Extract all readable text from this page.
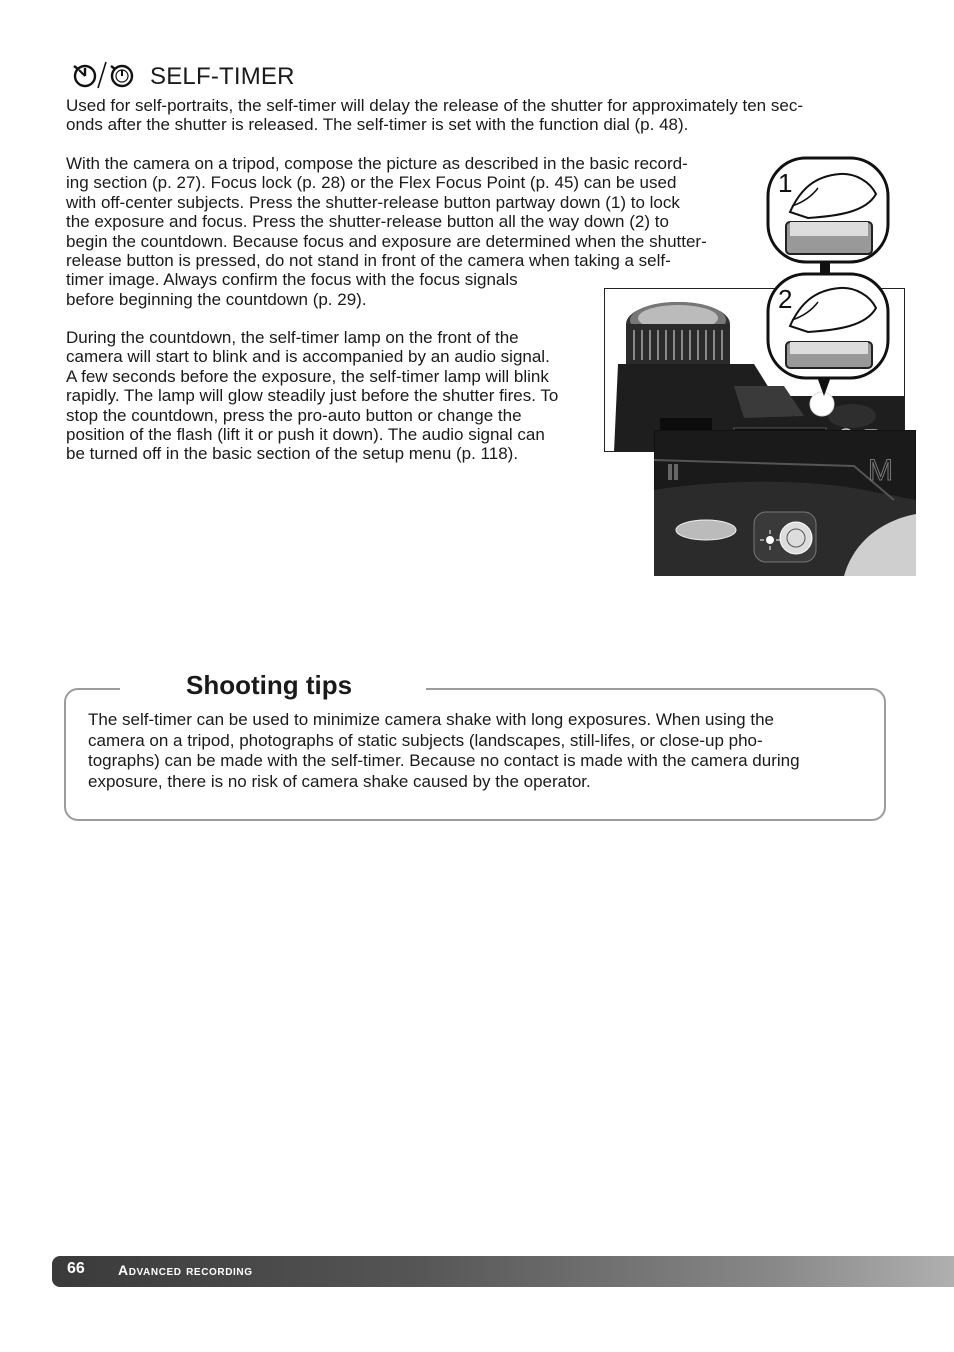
SELF-TIMER
Used for self-portraits, the self-timer will delay the release of the shutter for approximately ten sec-
onds after the shutter is released. The self-timer is set with the function dial (p. 48).
With the camera on a tripod, compose the picture as described in the basic record-
ing section (p. 27). Focus lock (p. 28) or the Flex Focus Point (p. 45) can be used
with off-center subjects. Press the shutter-release button partway down (1) to lock
the exposure and focus. Press the shutter-release button all the way down (2) to
begin the countdown. Because focus and exposure are determined when the shutter-
release button is pressed, do not stand in front of the camera when taking a self-
timer image. Always confirm the focus with the focus signals
before beginning the countdown (p. 29).
During the countdown, the self-timer lamp on the front of the
camera will start to blink and is accompanied by an audio signal.
A few seconds before the exposure, the self-timer lamp will blink
rapidly. The lamp will glow steadily just before the shutter fires. To
stop the countdown, press the pro-auto button or change the
position of the flash (lift it or push it down). The audio signal can
be turned off in the basic section of the setup menu (p. 118).
1
2
M
Shooting tips
The self-timer can be used to minimize camera shake with long exposures. When using the
camera on a tripod, photographs of static subjects (landscapes, still-lifes, or close-up pho-
tographs) can be made with the self-timer. Because no contact is made with the camera during
exposure, there is no risk of camera shake caused by the operator.
66 Advanced recording
